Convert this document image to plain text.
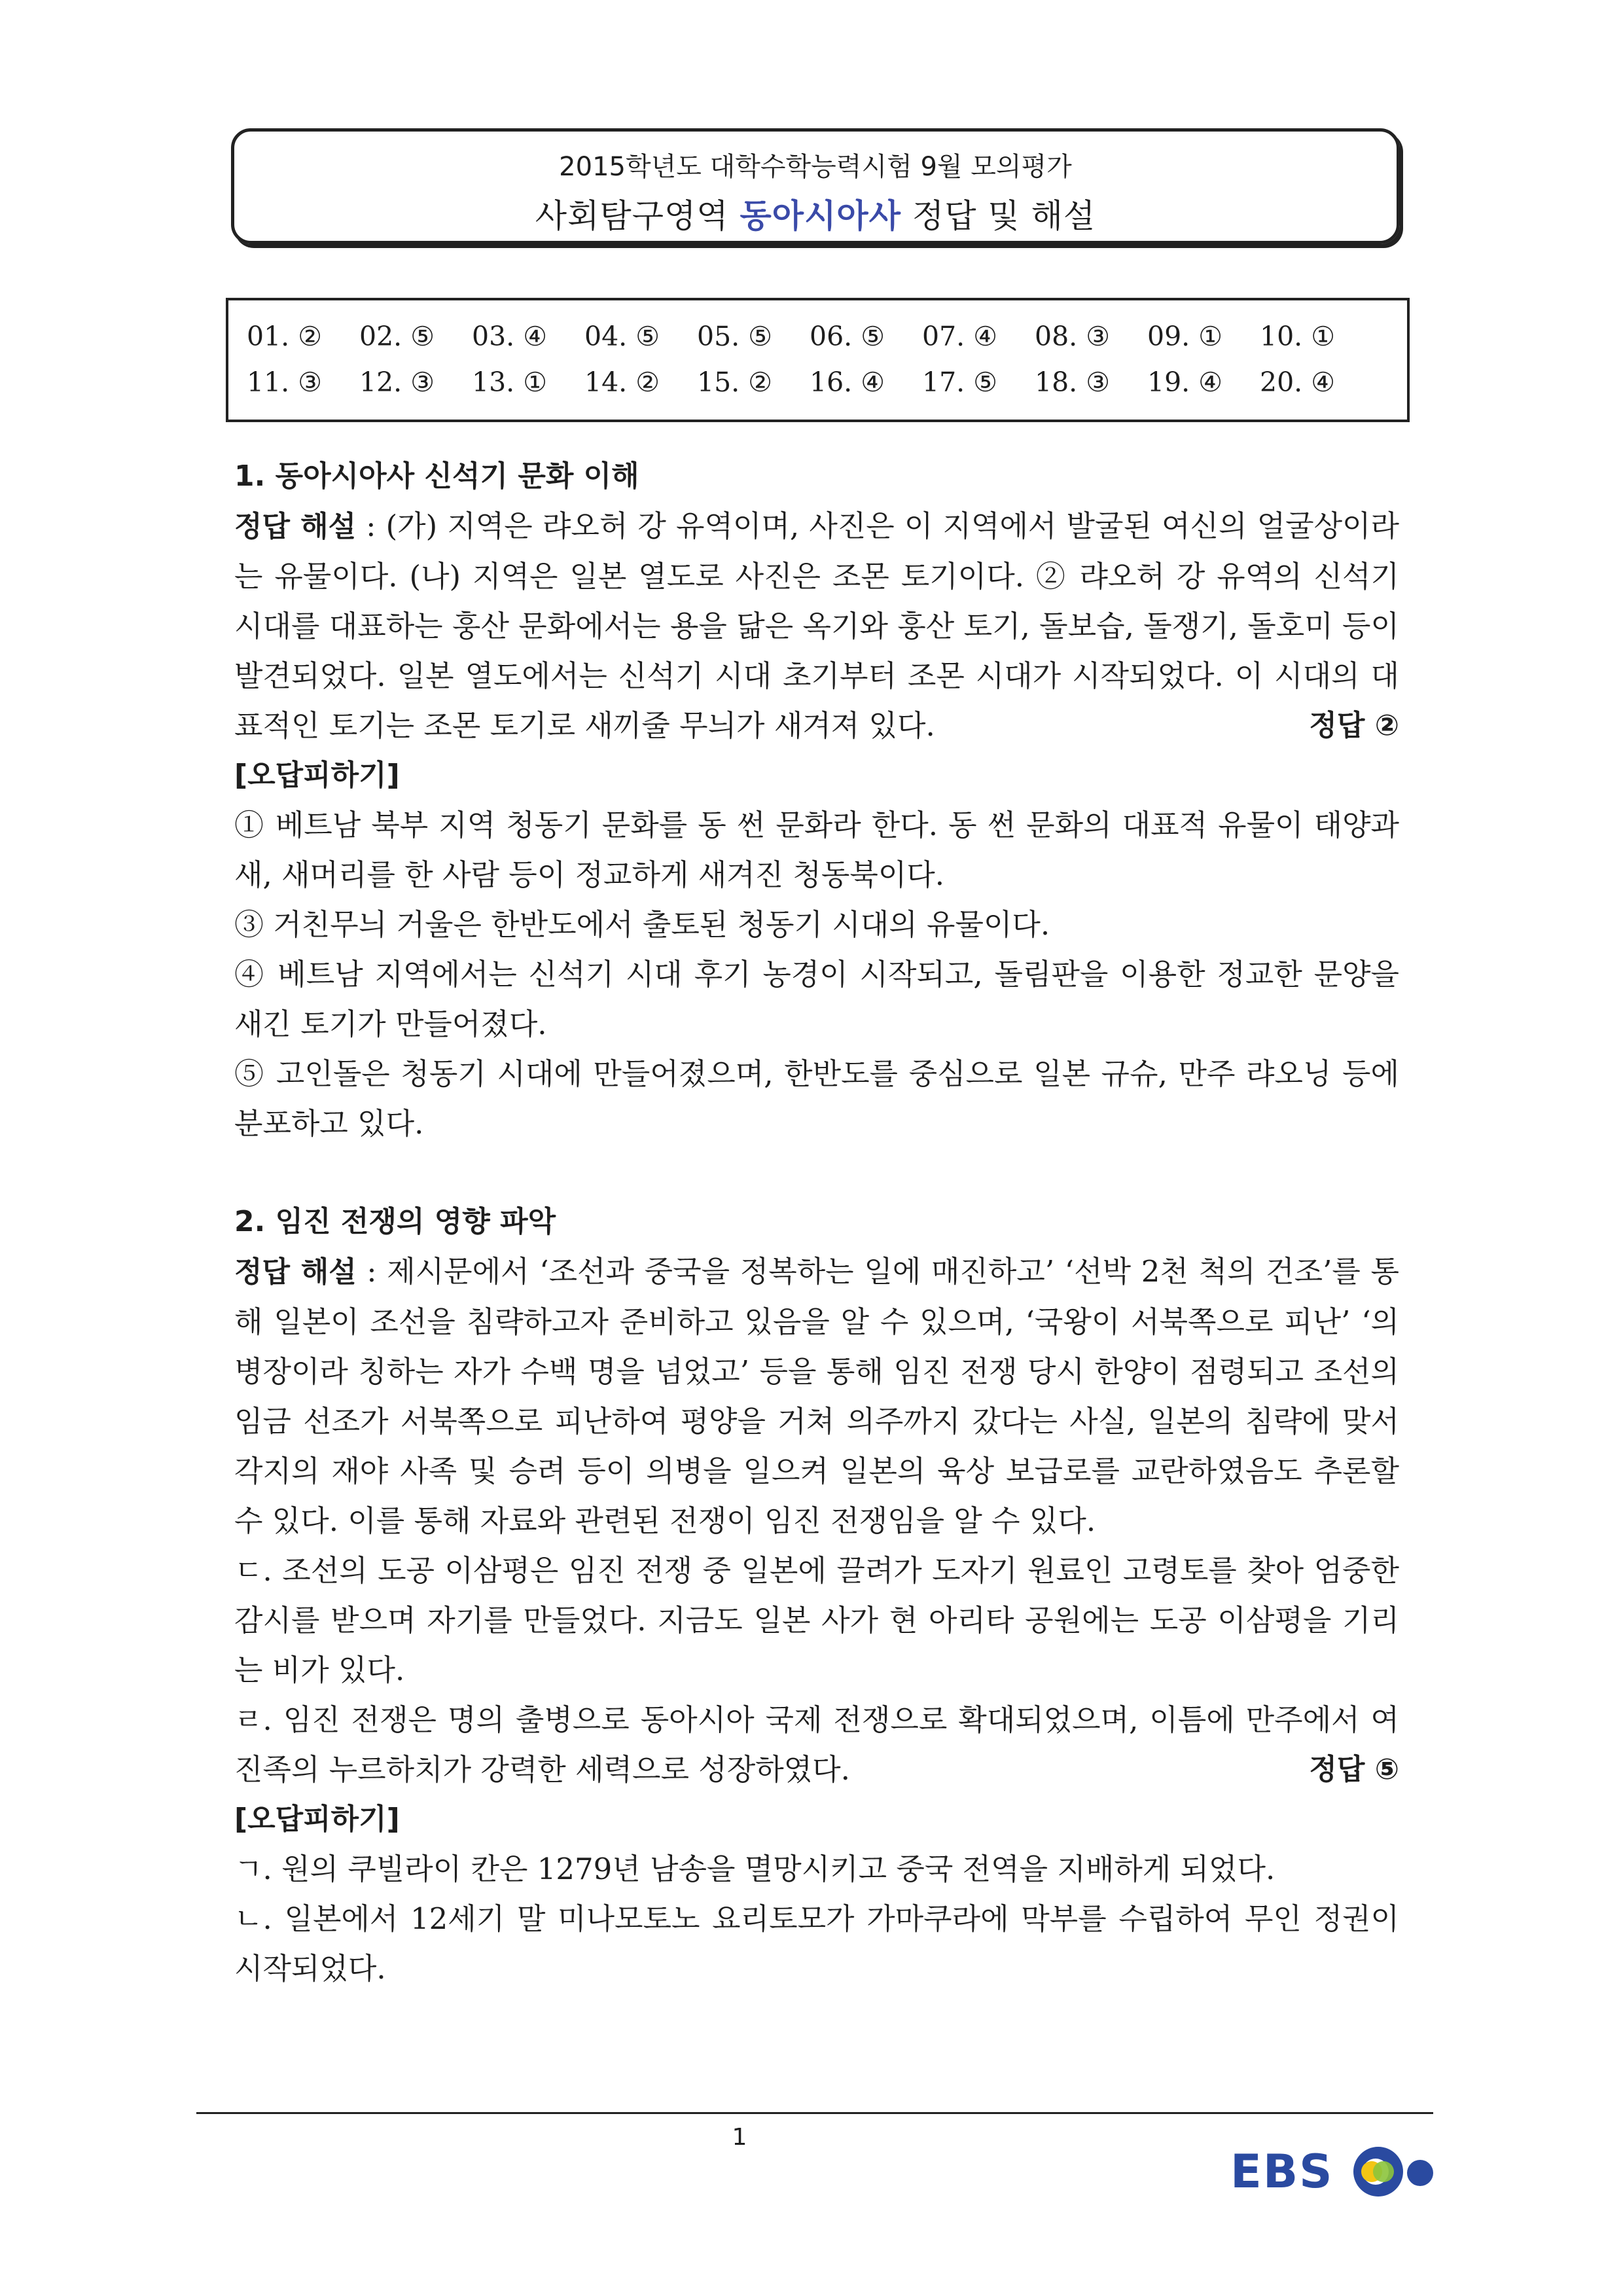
2015학년도 대학수학능력시험 9월 모의평가
사회탐구영역 동아시아사 정답 및 해설
01. ②	02. ⑤	03. ④	04. ⑤	05. ⑤	06. ⑤	07. ④	08. ③	09. ①	10. ①
11. ③	12. ③	13. ①	14. ②	15. ②	16. ④	17. ⑤	18. ③	19. ④	20. ④
1. 동아시아사 신석기 문화 이해
정답 해설 : (가) 지역은 랴오허 강 유역이며, 사진은 이 지역에서 발굴된 여신의 얼굴상이라는 유물이다. (나) 지역은 일본 열도로 사진은 조몬 토기이다. ② 랴오허 강 유역의 신석기 시대를 대표하는 훙산 문화에서는 용을 닮은 옥기와 훙산 토기, 돌보습, 돌쟁기, 돌호미 등이 발견되었다. 일본 열도에서는 신석기 시대 초기부터 조몬 시대가 시작되었다. 이 시대의 대표적인 토기는 조몬 토기로 새끼줄 무늬가 새겨져 있다.	정답 ②
[오답피하기]
① 베트남 북부 지역 청동기 문화를 동 썬 문화라 한다. 동 썬 문화의 대표적 유물이 태양과 새, 새머리를 한 사람 등이 정교하게 새겨진 청동북이다.
③ 거친무늬 거울은 한반도에서 출토된 청동기 시대의 유물이다.
④ 베트남 지역에서는 신석기 시대 후기 농경이 시작되고, 돌림판을 이용한 정교한 문양을 새긴 토기가 만들어졌다.
⑤ 고인돌은 청동기 시대에 만들어졌으며, 한반도를 중심으로 일본 규슈, 만주 랴오닝 등에 분포하고 있다.
2. 임진 전쟁의 영향 파악
정답 해설 : 제시문에서 ‘조선과 중국을 정복하는 일에 매진하고’ ‘선박 2천 척의 건조’를 통해 일본이 조선을 침략하고자 준비하고 있음을 알 수 있으며, ‘국왕이 서북쪽으로 피난’ ‘의병장이라 칭하는 자가 수백 명을 넘었고’ 등을 통해 임진 전쟁 당시 한양이 점령되고 조선의 임금 선조가 서북쪽으로 피난하여 평양을 거쳐 의주까지 갔다는 사실, 일본의 침략에 맞서 각지의 재야 사족 및 승려 등이 의병을 일으켜 일본의 육상 보급로를 교란하였음도 추론할 수 있다. 이를 통해 자료와 관련된 전쟁이 임진 전쟁임을 알 수 있다.
ㄷ. 조선의 도공 이삼평은 임진 전쟁 중 일본에 끌려가 도자기 원료인 고령토를 찾아 엄중한 감시를 받으며 자기를 만들었다. 지금도 일본 사가 현 아리타 공원에는 도공 이삼평을 기리는 비가 있다.
ㄹ. 임진 전쟁은 명의 출병으로 동아시아 국제 전쟁으로 확대되었으며, 이틈에 만주에서 여진족의 누르하치가 강력한 세력으로 성장하였다.	정답 ⑤
[오답피하기]
ㄱ. 원의 쿠빌라이 칸은 1279년 남송을 멸망시키고 중국 전역을 지배하게 되었다.
ㄴ. 일본에서 12세기 말 미나모토노 요리토모가 가마쿠라에 막부를 수립하여 무인 정권이 시작되었다.
1
EBS
